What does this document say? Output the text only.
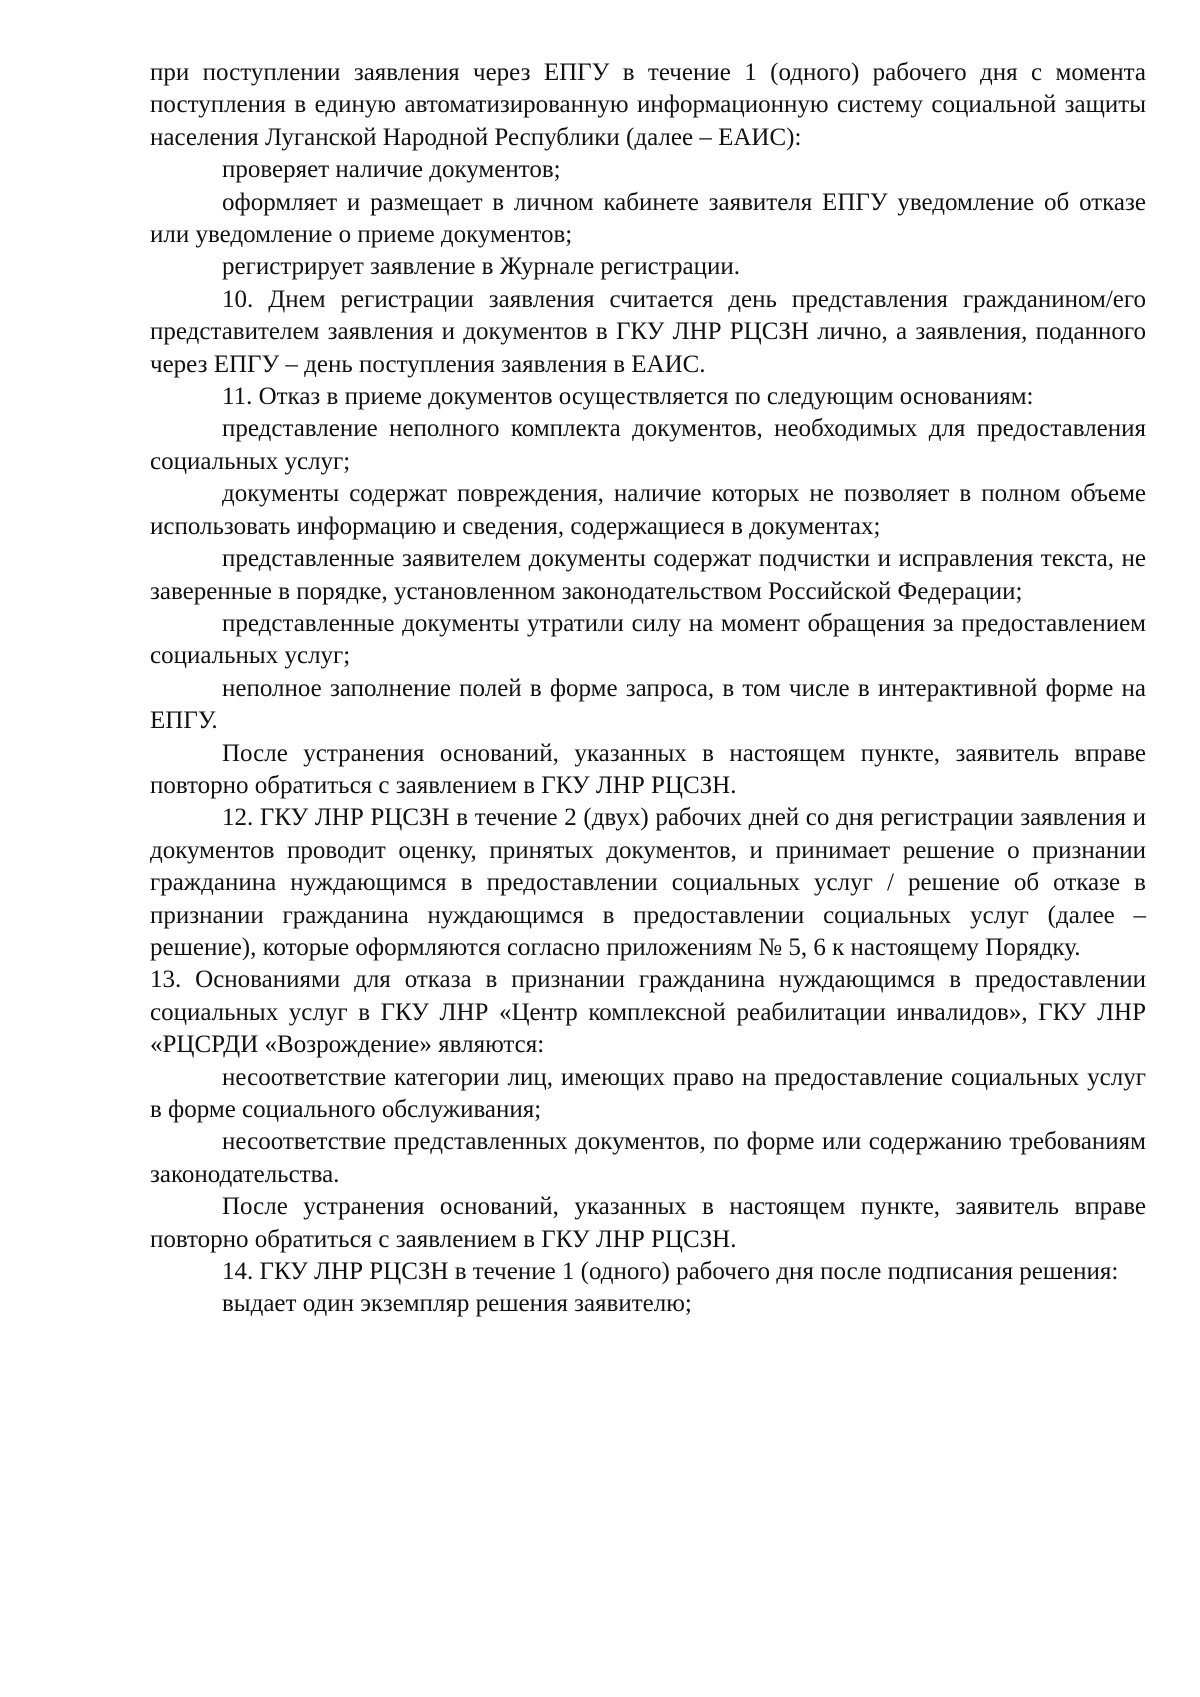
при поступлении заявления через ЕПГУ в течение 1 (одного) рабочего дня с момента поступления в единую автоматизированную информационную систему социальной защиты населения Луганской Народной Республики (далее – ЕАИС):

проверяет наличие документов;

оформляет и размещает в личном кабинете заявителя ЕПГУ уведомление об отказе или уведомление о приеме документов;

регистрирует заявление в Журнале регистрации.

10. Днем регистрации заявления считается день представления гражданином/его представителем заявления и документов в ГКУ ЛНР РЦСЗН лично, а заявления, поданного через ЕПГУ – день поступления заявления в ЕАИС.

11. Отказ в приеме документов осуществляется по следующим основаниям:

представление неполного комплекта документов, необходимых для предоставления социальных услуг;

документы содержат повреждения, наличие которых не позволяет в полном объеме использовать информацию и сведения, содержащиеся в документах;

представленные заявителем документы содержат подчистки и исправления текста, не заверенные в порядке, установленном законодательством Российской Федерации;

представленные документы утратили силу на момент обращения за предоставлением социальных услуг;

неполное заполнение полей в форме запроса, в том числе в интерактивной форме на ЕПГУ.

После устранения оснований, указанных в настоящем пункте, заявитель вправе повторно обратиться с заявлением в ГКУ ЛНР РЦСЗН.

12. ГКУ ЛНР РЦСЗН в течение 2 (двух) рабочих дней со дня регистрации заявления и документов проводит оценку, принятых документов, и принимает решение о признании гражданина нуждающимся в предоставлении социальных услуг / решение об отказе в признании гражданина нуждающимся в предоставлении социальных услуг (далее – решение), которые оформляются согласно приложениям № 5, 6 к настоящему Порядку.

13. Основаниями для отказа в признании гражданина нуждающимся в предоставлении социальных услуг в ГКУ ЛНР «Центр комплексной реабилитации инвалидов», ГКУ ЛНР «РЦСРДИ «Возрождение» являются:

несоответствие категории лиц, имеющих право на предоставление социальных услуг в форме социального обслуживания;

несоответствие представленных документов, по форме или содержанию требованиям законодательства.

После устранения оснований, указанных в настоящем пункте, заявитель вправе повторно обратиться с заявлением в ГКУ ЛНР РЦСЗН.

14. ГКУ ЛНР РЦСЗН в течение 1 (одного) рабочего дня после подписания решения:

выдает один экземпляр решения заявителю;
